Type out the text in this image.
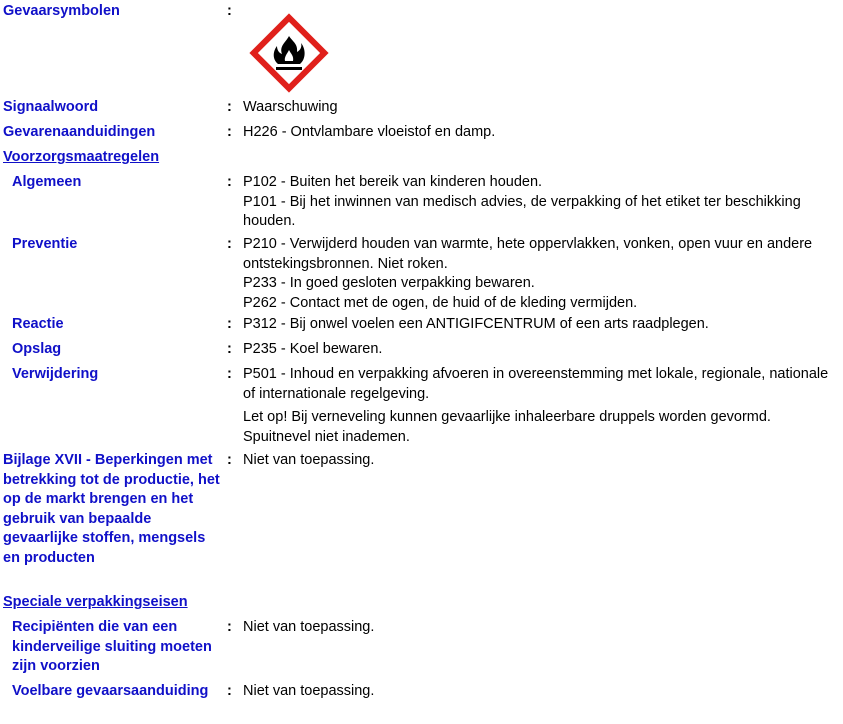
Gevaarsymbolen	:
Signaalwoord	: Waarschuwing
Gevarenaanduidingen	: H226 - Ontvlambare vloeistof en damp.
Voorzorgsmaatregelen
Algemeen	: P102 - Buiten het bereik van kinderen houden.

P101 - Bij het inwinnen van medisch advies, de verpakking of het etiket ter beschikking houden.

Preventie	: P210 - Verwijderd houden van warmte, hete oppervlakken, vonken, open vuur en andere ontstekingsbronnen. Niet roken.

P233 - In goed gesloten verpakking bewaren.

P262 - Contact met de ogen, de huid of de kleding vermijden.

Reactie	: P312 - Bij onwel voelen een ANTIGIFCENTRUM of een arts raadplegen.

Opslag	: P235 - Koel bewaren.

Verwijdering	: P501 - Inhoud en verpakking afvoeren in overeenstemming met lokale, regionale, nationale of internationale regelgeving.

Let op! Bij verneveling kunnen gevaarlijke inhaleerbare druppels worden gevormd. Spuitnevel niet inademen.

Bijlage XVII - Beperkingen met betrekking tot de productie, het op de markt brengen en het gebruik van bepaalde gevaarlijke stoffen, mengsels en producten
: Niet van toepassing.
Speciale verpakkingseisen
Recipiënten die van een kinderveilige sluiting moeten zijn voorzien
: Niet van toepassing.
Voelbare gevaarsaanduiding	: Niet van toepassing.
